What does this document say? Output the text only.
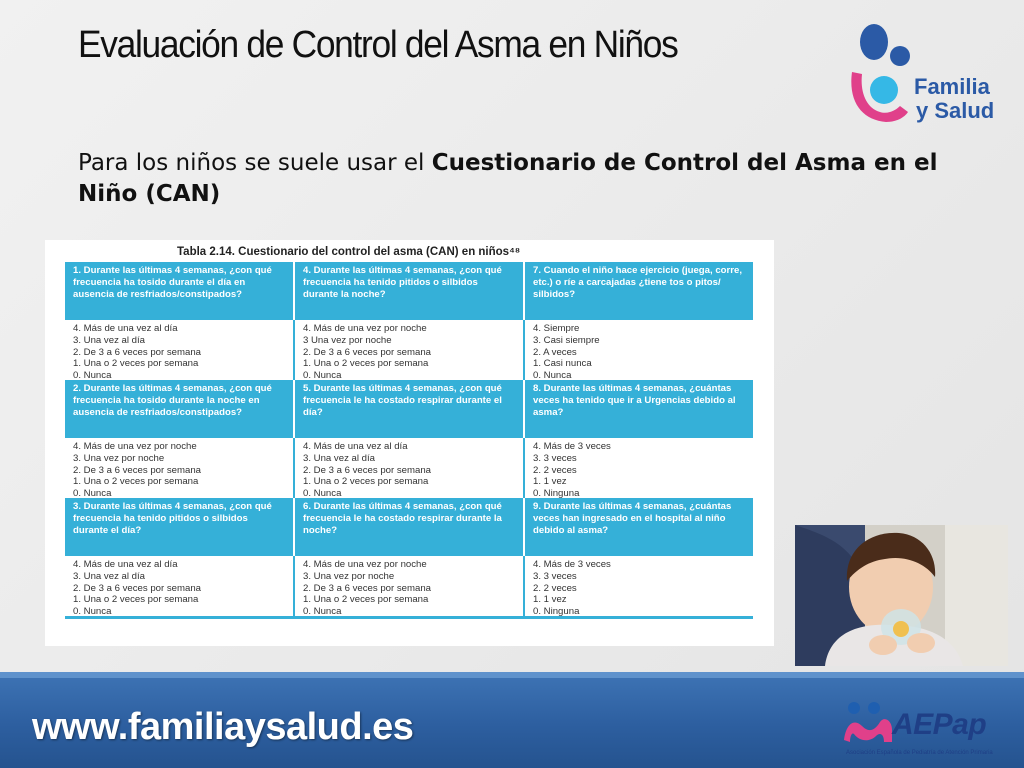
Evaluación de Control del Asma en Niños
Familia
y Salud
Para los niños se suele usar el Cuestionario de Control del Asma en el Niño (CAN)
Tabla 2.14. Cuestionario del control del asma (CAN) en niños⁴⁸
1. Durante las últimas 4 semanas, ¿con qué frecuencia ha tosido durante el día en ausencia de resfriados/constipados?
4. Durante las últimas 4 semanas, ¿con qué frecuencia ha tenido pitidos o silbidos durante la noche?
7. Cuando el niño hace ejercicio (juega, corre, etc.) o ríe a carcajadas ¿tiene tos o pitos/ silbidos?
4. Más de una vez al día
3. Una vez al día
2. De 3 a 6 veces por semana
1. Una o 2 veces por semana
0. Nunca
4. Más de una vez por noche
3 Una vez por noche
2. De 3 a 6 veces por semana
1. Una o 2 veces por semana
0. Nunca
4. Siempre
3. Casi siempre
2. A veces
1. Casi nunca
0. Nunca
2. Durante las últimas 4 semanas, ¿con qué frecuencia ha tosido durante la noche en ausencia de resfriados/constipados?
5. Durante las últimas 4 semanas, ¿con qué frecuencia le ha costado respirar durante el día?
8. Durante las últimas 4 semanas, ¿cuántas veces ha tenido que ir a Urgencias debido al asma?
4. Más de una vez por noche
3. Una vez por noche
2. De 3 a 6 veces por semana
1. Una o 2 veces por semana
0. Nunca
4. Más de una vez al día
3. Una vez al día
2. De 3 a 6 veces por semana
1. Una o 2 veces por semana
0. Nunca
4. Más de 3 veces
3. 3 veces
2. 2 veces
1. 1 vez
0. Ninguna
3. Durante las últimas 4 semanas, ¿con qué frecuencia ha tenido pitidos o silbidos durante el día?
6. Durante las últimas 4 semanas, ¿con qué frecuencia le ha costado respirar durante la noche?
9. Durante las últimas 4 semanas, ¿cuántas veces han ingresado en el hospital al niño debido al asma?
4. Más de una vez al día
3. Una vez al día
2. De 3 a 6 veces por semana
1. Una o 2 veces por semana
0. Nunca
4. Más de una vez por noche
3. Una vez por noche
2. De 3 a 6 veces por semana
1. Una o 2 veces por semana
0. Nunca
4. Más de 3 veces
3. 3 veces
2. 2 veces
1. 1 vez
0. Ninguna
www.familiaysalud.es	AEPap
Asociación Española de Pediatría de Atención Primaria
